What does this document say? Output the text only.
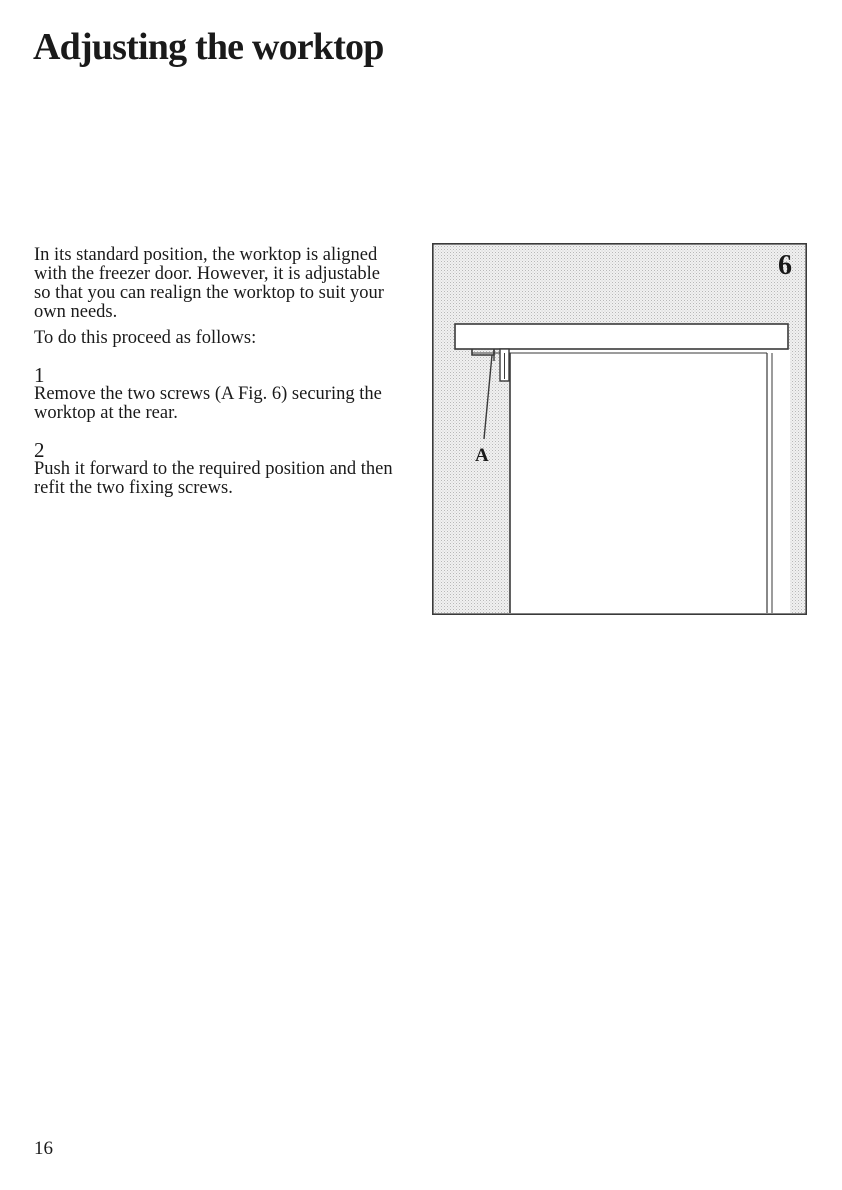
Adjusting the worktop

In its standard position, the worktop is aligned with the freezer door. However, it is adjustable so that you can realign the worktop to suit your own needs.

To do this proceed as follows:

1

Remove the two screws (A Fig. 6) securing the worktop at the rear.

2

Push it forward to the required position and then refit the two fixing screws.

A
6
16
